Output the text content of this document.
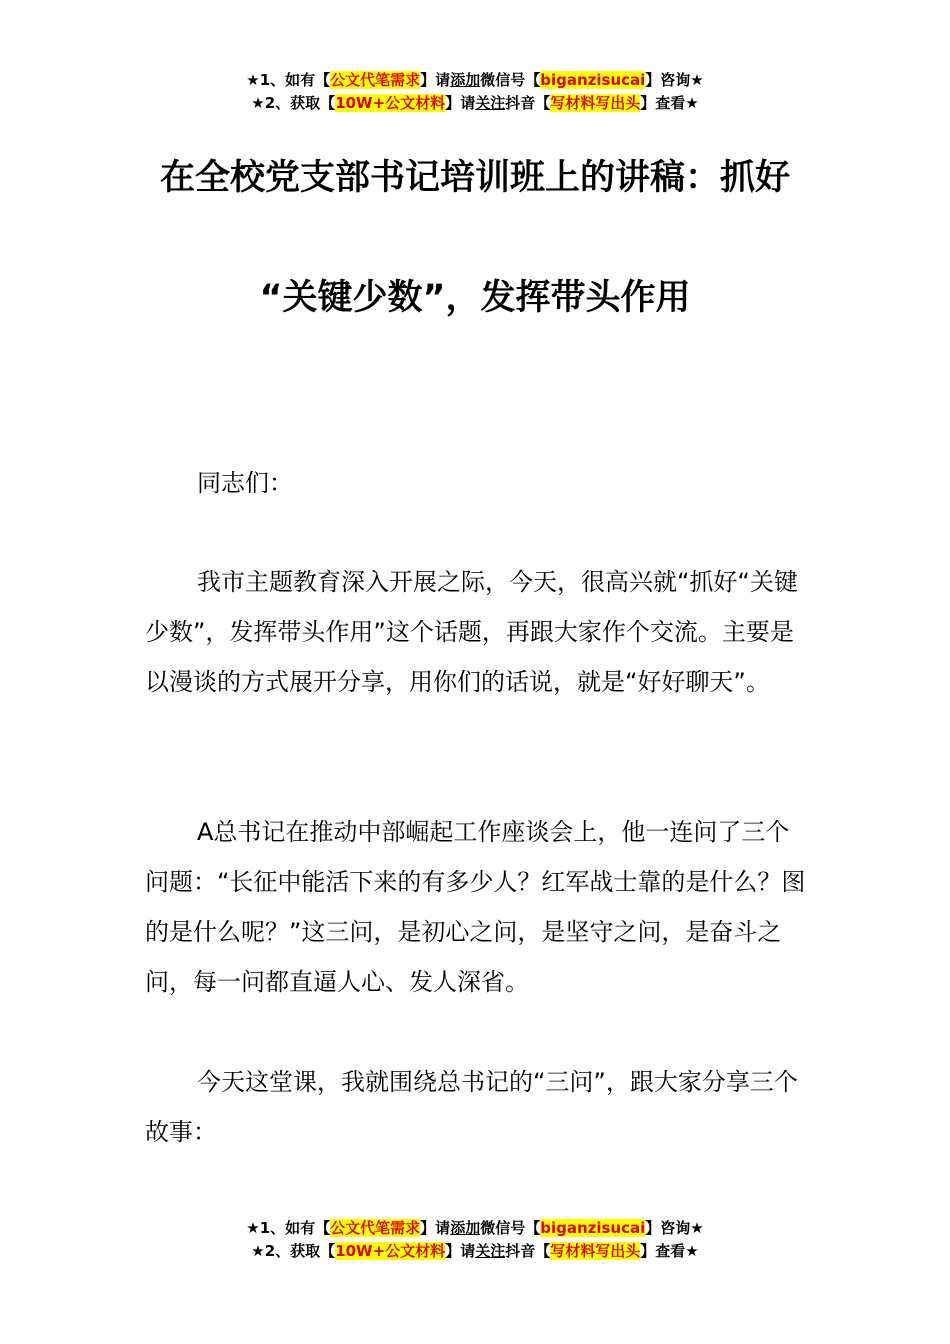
★1、如有【公文代笔需求】请添加微信号【biganzisucai】咨询★
★2、获取【10W+公文材料】请关注抖音【写材料写出头】查看★
在全校党支部书记培训班上的讲稿：抓好
“关键少数”，发挥带头作用
同志们：

我市主题教育深入开展之际，今天，很高兴就“抓好“关键少数”，发挥带头作用”这个话题，再跟大家作个交流。主要是以漫谈的方式展开分享，用你们的话说，就是“好好聊天”。

A总书记在推动中部崛起工作座谈会上，他一连问了三个问题：“长征中能活下来的有多少人？红军战士靠的是什么？图的是什么呢？”这三问，是初心之问，是坚守之问，是奋斗之问，每一问都直逼人心、发人深省。

今天这堂课，我就围绕总书记的“三问”，跟大家分享三个故事：

★1、如有【公文代笔需求】请添加微信号【biganzisucai】咨询★
★2、获取【10W+公文材料】请关注抖音【写材料写出头】查看★
